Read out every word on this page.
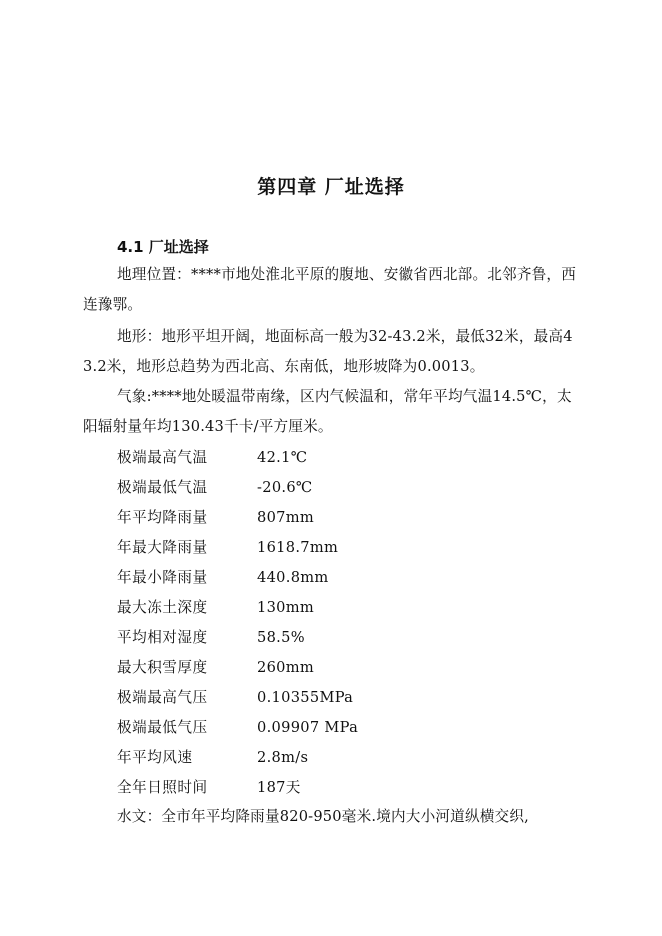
第四章 厂址选择
4.1 厂址选择

地理位置：****市地处淮北平原的腹地、安徽省西北部。北邻齐鲁，西连豫鄂。

地形：地形平坦开阔，地面标高一般为32-43.2米，最低32米，最高43.2米，地形总趋势为西北高、东南低，地形坡降为0.0013。

气象:****地处暖温带南缘，区内气候温和，常年平均气温14.5℃，太阳辐射量年均130.43千卡/平方厘米。

极端最高气温	42.1℃
极端最低气温	-20.6℃
年平均降雨量	807mm
年最大降雨量	1618.7mm
年最小降雨量	440.8mm
最大冻土深度	130mm
平均相对湿度	58.5%
最大积雪厚度	260mm
极端最高气压	0.10355MPa
极端最低气压	0.09907 MPa
年平均风速	2.8m/s
全年日照时间	187天

水文：全市年平均降雨量820-950毫米.境内大小河道纵横交织,
